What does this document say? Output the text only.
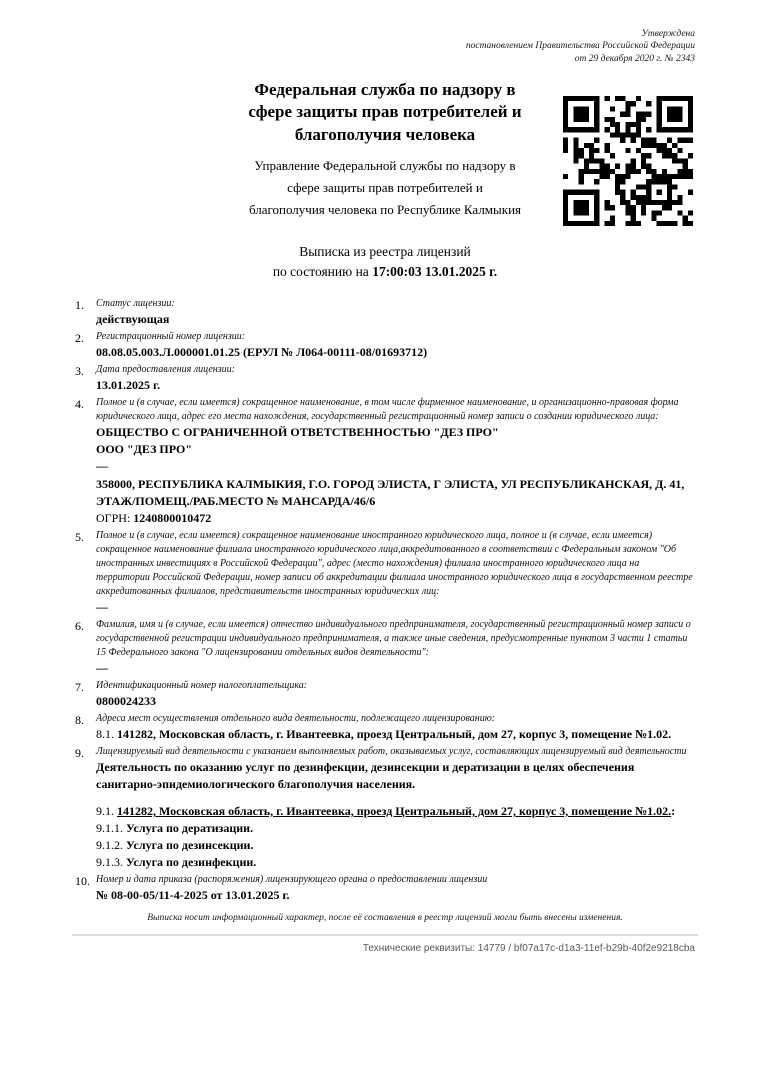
Утверждена
постановлением Правительства Российской Федерации
от 29 декабря 2020 г. № 2343
Федеральная служба по надзору в
сфере защиты прав потребителей и
благополучия человека
Управление Федеральной службы по надзору в
сфере защиты прав потребителей и
благополучия человека по Республике Калмыкия
Выписка из реестра лицензий
по состоянию на 17:00:03 13.01.2025 г.
1.	Статус лицензии:
действующая
2.	Регистрационный номер лицензии:
08.08.05.003.Л.000001.01.25 (ЕРУЛ № Л064-00111-08/01693712)
3.	Дата предоставления лицензии:
13.01.2025 г.
4.	Полное и (в случае, если имеется) сокращенное наименование, в том числе фирменное наименование, и организационно-правовая форма юридического лица, адрес его места нахождения, государственный регистрационный номер записи о создании юридического лица:
ОБЩЕСТВО С ОГРАНИЧЕННОЙ ОТВЕТСТВЕННОСТЬЮ "ДЕЗ ПРО"
ООО "ДЕЗ ПРО"
—
358000, РЕСПУБЛИКА КАЛМЫКИЯ, Г.О. ГОРОД ЭЛИСТА, Г ЭЛИСТА, УЛ РЕСПУБЛИКАНСКАЯ, Д. 41, ЭТАЖ/ПОМЕЩ./РАБ.МЕСТО № МАНСАРДА/46/6
ОГРН: 1240800010472
5.	Полное и (в случае, если имеется) сокращенное наименование иностранного юридического лица, полное и (в случае, если имеется) сокращенное наименование филиала иностранного юридического лица,аккредитованного в соответствии с Федеральным законом "Об иностранных инвестициях в Российской Федерации", адрес (место нахождения) филиала иностранного юридического лица на территории Российской Федерации, номер записи об аккредитации филиала иностранного юридического лица в государственном реестре аккредитованных филиалов, представительств иностранных юридических лиц:
—
6.	Фамилия, имя и (в случае, если имеется) отчество индивидуального предпринимателя, государственный регистрационный номер записи о государственной регистрации индивидуального предпринимателя, а также иные сведения, предусмотренные пунктом 3 части 1 статьи 15 Федерального закона "О лицензировании отдельных видов деятельности":
—
7.	Идентификационный номер налогоплательщика:
0800024233
8.	Адреса мест осуществления отдельного вида деятельности, подлежащего лицензированию:
8.1. 141282, Московская область, г. Ивантеевка, проезд Центральный, дом 27, корпус 3, помещение №1.02.
9.	Лицензируемый вид деятельности с указанием выполняемых работ, оказываемых услуг, составляющих лицензируемый вид деятельности
Деятельность по оказанию услуг по дезинфекции, дезинсекции и дератизации в целях обеспечения санитарно-эпидемиологического благополучия населения.
9.1. 141282, Московская область, г. Ивантеевка, проезд Центральный, дом 27, корпус 3, помещение №1.02.:
9.1.1. Услуга по дератизации.
9.1.2. Услуга по дезинсекции.
9.1.3. Услуга по дезинфекции.
10. Номер и дата приказа (распоряжения) лицензирующего органа о предоставлении лицензии
№ 08-00-05/11-4-2025 от 13.01.2025 г.
Выписка носит информационный характер, после её составления в реестр лицензий могли быть внесены изменения.
Технические реквизиты: 14779 / bf07a17c-d1a3-11ef-b29b-40f2e9218cba
